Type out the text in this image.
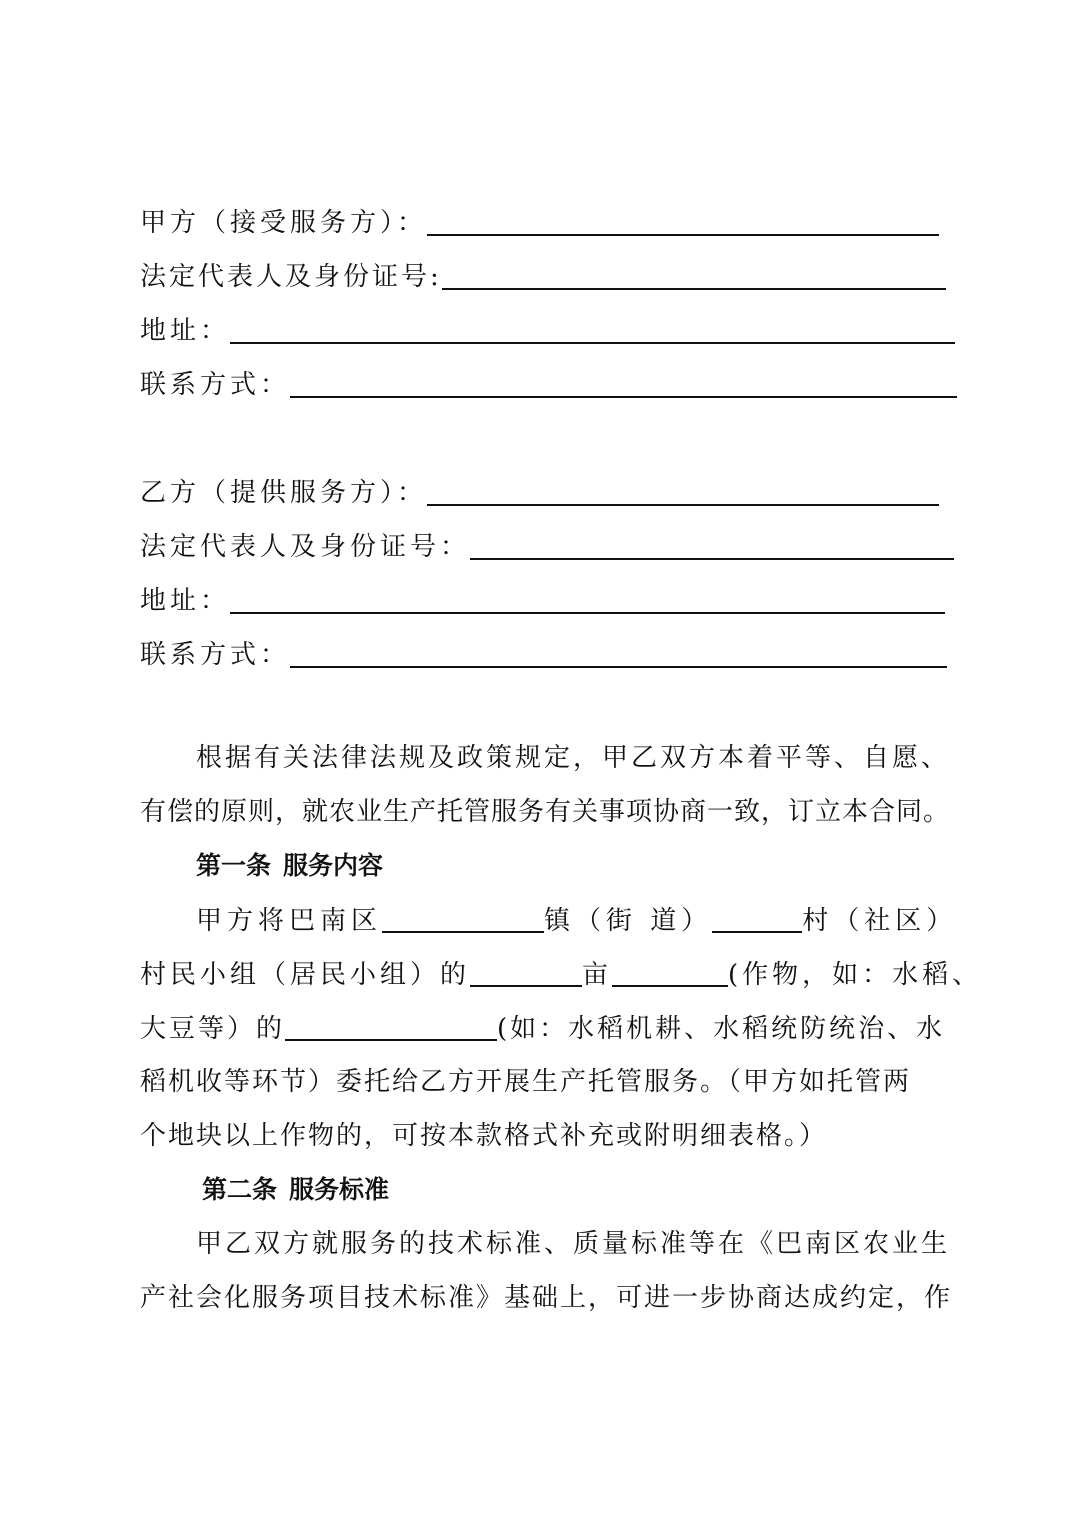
甲方（接受服务方）：
法定代表人及身份证号:
地址：
联系方式：
乙方（提供服务方）：
法定代表人及身份证号：
地址：
联系方式：
根据有关法律法规及政策规定，甲乙双方本着平等、自愿、
有偿的原则，就农业生产托管服务有关事项协商一致，订立本合同。
第一条 服务内容
甲方将巴南区	镇（街 道）	村（社区）
村民小组（居民小组）的	亩	(作物，如：水稻、
大豆等）的	(如：水稻机耕、水稻统防统治、水
稻机收等环节）委托给乙方开展生产托管服务。（甲方如托管两
个地块以上作物的，可按本款格式补充或附明细表格。）
第二条 服务标准
甲乙双方就服务的技术标准、质量标准等在《巴南区农业生
产社会化服务项目技术标准》基础上，可进一步协商达成约定，作
